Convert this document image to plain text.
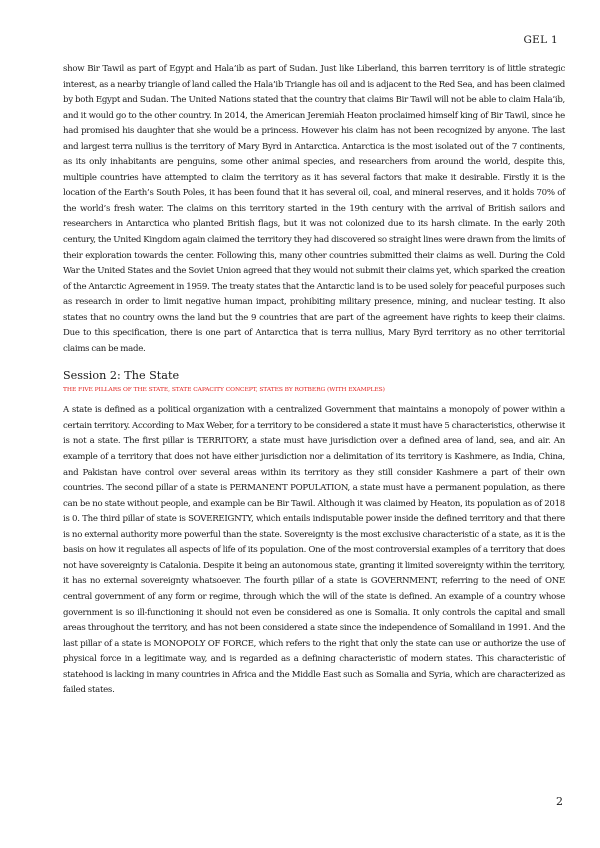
GEL 1

show Bir Tawil as part of Egypt and Hala’ib as part of Sudan. Just like Liberland, this barren territory is of little strategic interest, as a nearby triangle of land called the Hala’ib Triangle has oil and is adjacent to the Red Sea, and has been claimed by both Egypt and Sudan. The United Nations stated that the country that claims Bir Tawil will not be able to claim Hala’ib, and it would go to the other country. In 2014, the American Jeremiah Heaton proclaimed himself king of Bir Tawil, since he had promised his daughter that she would be a princess. However his claim has not been recognized by anyone. The last and largest terra nullius is the territory of Mary Byrd in Antarctica. Antarctica is the most isolated out of the 7 continents, as its only inhabitants are penguins, some other animal species, and researchers from around the world, despite this, multiple countries have attempted to claim the territory as it has several factors that make it desirable. Firstly it is the location of the Earth’s South Poles, it has been found that it has several oil, coal, and mineral reserves, and it holds 70% of the world’s fresh water. The claims on this territory started in the 19th century with the arrival of British sailors and researchers in Antarctica who planted British flags, but it was not colonized due to its harsh climate. In the early 20th century, the United Kingdom again claimed the territory they had discovered so straight lines were drawn from the limits of their exploration towards the center. Following this, many other countries submitted their claims as well. During the Cold War the United States and the Soviet Union agreed that they would not submit their claims yet, which sparked the creation of the Antarctic Agreement in 1959. The treaty states that the Antarctic land is to be used solely for peaceful purposes such as research in order to limit negative human impact, prohibiting military presence, mining, and nuclear testing. It also states that no country owns the land but the 9 countries that are part of the agreement have rights to keep their claims. Due to this specification, there is one part of Antarctica that is terra nullius, Mary Byrd territory as no other territorial claims can be made.

Session 2: The State
THE FIVE PILLARS OF THE STATE, STATE CAPACITY CONCEPT, STATES BY ROTBERG (WITH EXAMPLES)

A state is defined as a political organization with a centralized Government that maintains a monopoly of power within a certain territory. According to Max Weber, for a territory to be considered a state it must have 5 characteristics, otherwise it is not a state. The first pillar is TERRITORY, a state must have jurisdiction over a defined area of land, sea, and air. An example of a territory that does not have either jurisdiction nor a delimitation of its territory is Kashmere, as India, China, and Pakistan have control over several areas within its territory as they still consider Kashmere a part of their own countries. The second pillar of a state is PERMANENT POPULATION, a state must have a permanent population, as there can be no state without people, and example can be Bir Tawil. Although it was claimed by Heaton, its population as of 2018 is 0. The third pillar of state is SOVEREIGNTY, which entails indisputable power inside the defined territory and that there is no external authority more powerful than the state. Sovereignty is the most exclusive characteristic of a state, as it is the basis on how it regulates all aspects of life of its population. One of the most controversial examples of a territory that does not have sovereignty is Catalonia. Despite it being an autonomous state, granting it limited sovereignty within the territory, it has no external sovereignty whatsoever. The fourth pillar of a state is GOVERNMENT, referring to the need of ONE central government of any form or regime, through which the will of the state is defined. An example of a country whose government is so ill-functioning it should not even be considered as one is Somalia. It only controls the capital and small areas throughout the territory, and has not been considered a state since the independence of Somaliland in 1991. And the last pillar of a state is MONOPOLY OF FORCE, which refers to the right that only the state can use or authorize the use of physical force in a legitimate way, and is regarded as a defining characteristic of modern states. This characteristic of statehood is lacking in many countries in Africa and the Middle East such as Somalia and Syria, which are characterized as failed states.

2
